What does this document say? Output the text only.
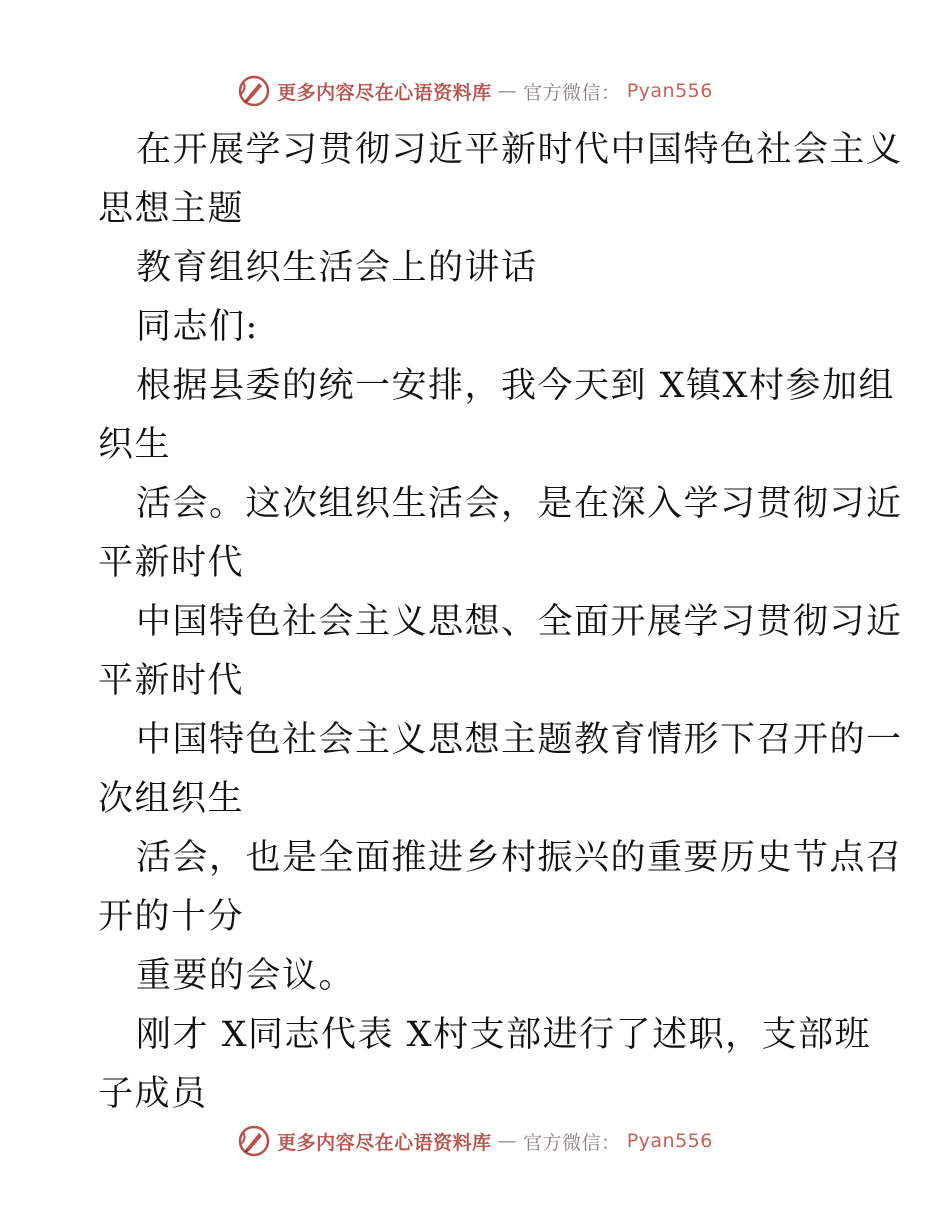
更多内容尽在心语资料库 — 官方微信： Pyan556
在开展学习贯彻习近平新时代中国特色社会主义
思想主题
教育组织生活会上的讲话
同志们:
根据县委的统一安排，我今天到 X镇X村参加组
织生
活会。这次组织生活会，是在深入学习贯彻习近
平新时代
中国特色社会主义思想、全面开展学习贯彻习近
平新时代
中国特色社会主义思想主题教育情形下召开的一
次组织生
活会，也是全面推进乡村振兴的重要历史节点召
开的十分
重要的会议。
刚才 X同志代表 X村支部进行了述职，支部班
子成员
更多内容尽在心语资料库 — 官方微信： Pyan556
